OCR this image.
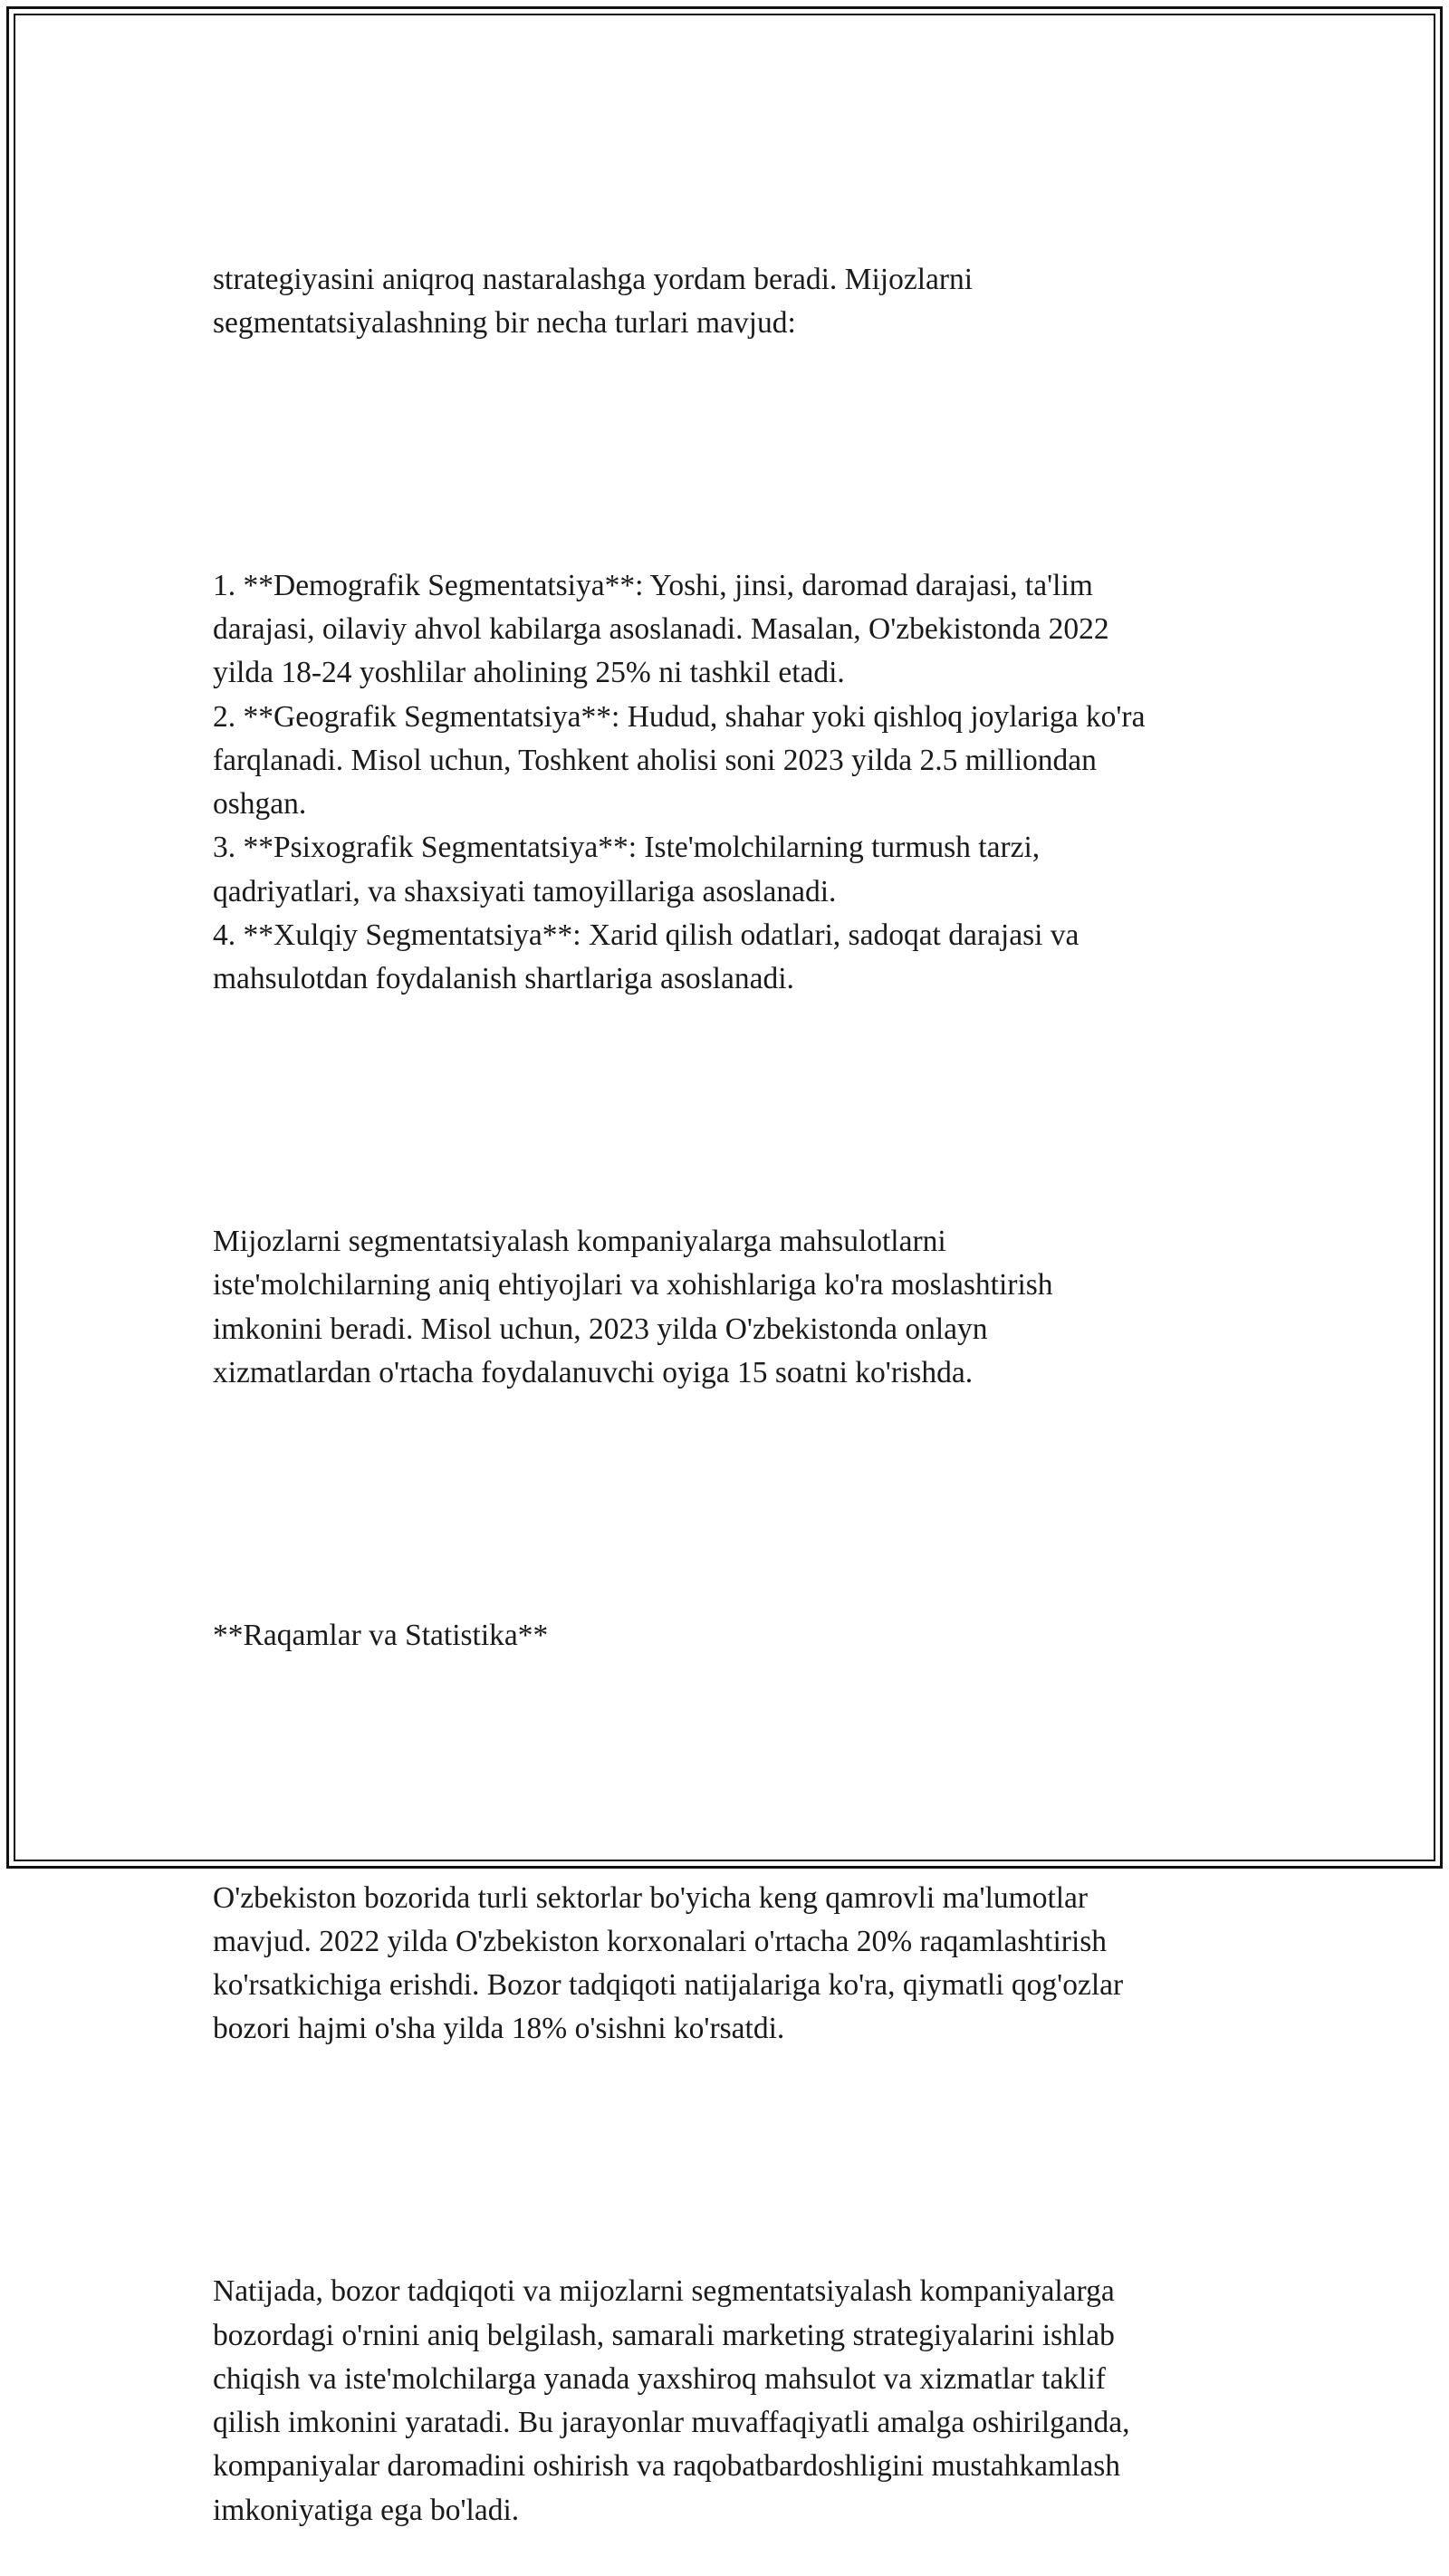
strategiyasini aniqroq nastaralashga yordam beradi. Mijozlarni
segmentatsiyalashning bir necha turlari mavjud:

1. **Demografik Segmentatsiya**: Yoshi, jinsi, daromad darajasi, ta'lim
darajasi, oilaviy ahvol kabilarga asoslanadi. Masalan, O'zbekistonda 2022
yilda 18-24 yoshlilar aholining 25% ni tashkil etadi.
2. **Geografik Segmentatsiya**: Hudud, shahar yoki qishloq joylariga ko'ra
farqlanadi. Misol uchun, Toshkent aholisi soni 2023 yilda 2.5 milliondan
oshgan.
3. **Psixografik Segmentatsiya**: Iste'molchilarning turmush tarzi,
qadriyatlari, va shaxsiyati tamoyillariga asoslanadi.
4. **Xulqiy Segmentatsiya**: Xarid qilish odatlari, sadoqat darajasi va
mahsulotdan foydalanish shartlariga asoslanadi.

Mijozlarni segmentatsiyalash kompaniyalarga mahsulotlarni
iste'molchilarning aniq ehtiyojlari va xohishlariga ko'ra moslashtirish
imkonini beradi. Misol uchun, 2023 yilda O'zbekistonda onlayn
xizmatlardan o'rtacha foydalanuvchi oyiga 15 soatni ko'rishda.

**Raqamlar va Statistika**

O'zbekiston bozorida turli sektorlar bo'yicha keng qamrovli ma'lumotlar
mavjud. 2022 yilda O'zbekiston korxonalari o'rtacha 20% raqamlashtirish
ko'rsatkichiga erishdi. Bozor tadqiqoti natijalariga ko'ra, qiymatli qog'ozlar
bozori hajmi o'sha yilda 18% o'sishni ko'rsatdi.

Natijada, bozor tadqiqoti va mijozlarni segmentatsiyalash kompaniyalarga
bozordagi o'rnini aniq belgilash, samarali marketing strategiyalarini ishlab
chiqish va iste'molchilarga yanada yaxshiroq mahsulot va xizmatlar taklif
qilish imkonini yaratadi. Bu jarayonlar muvaffaqiyatli amalga oshirilganda,
kompaniyalar daromadini oshirish va raqobatbardoshligini mustahkamlash
imkoniyatiga ega bo'ladi.
